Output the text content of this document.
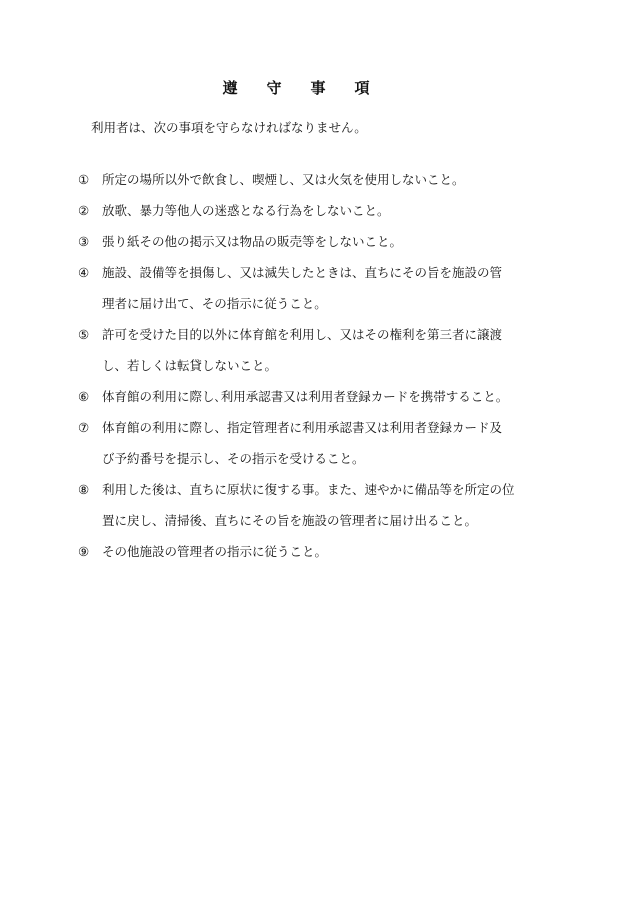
遵 守 事 項
利用者は、次の事項を守らなければなりません。
①	所定の場所以外で飲食し、喫煙し、又は火気を使用しないこと。
②	放歌、暴力等他人の迷惑となる行為をしないこと。
③	張り紙その他の掲示又は物品の販売等をしないこと。
④	施設、設備等を損傷し、又は滅失したときは、直ちにその旨を施設の管
理者に届け出て、その指示に従うこと。
⑤	許可を受けた目的以外に体育館を利用し、又はその権利を第三者に譲渡
し、若しくは転貸しないこと。
⑥	体育館の利用に際し､利用承認書又は利用者登録カードを携帯すること。
⑦	体育館の利用に際し、指定管理者に利用承認書又は利用者登録カード及
び予約番号を提示し、その指示を受けること。
⑧	利用した後は、直ちに原状に復する事。また、速やかに備品等を所定の位
置に戻し、清掃後、直ちにその旨を施設の管理者に届け出ること。
⑨	その他施設の管理者の指示に従うこと。
